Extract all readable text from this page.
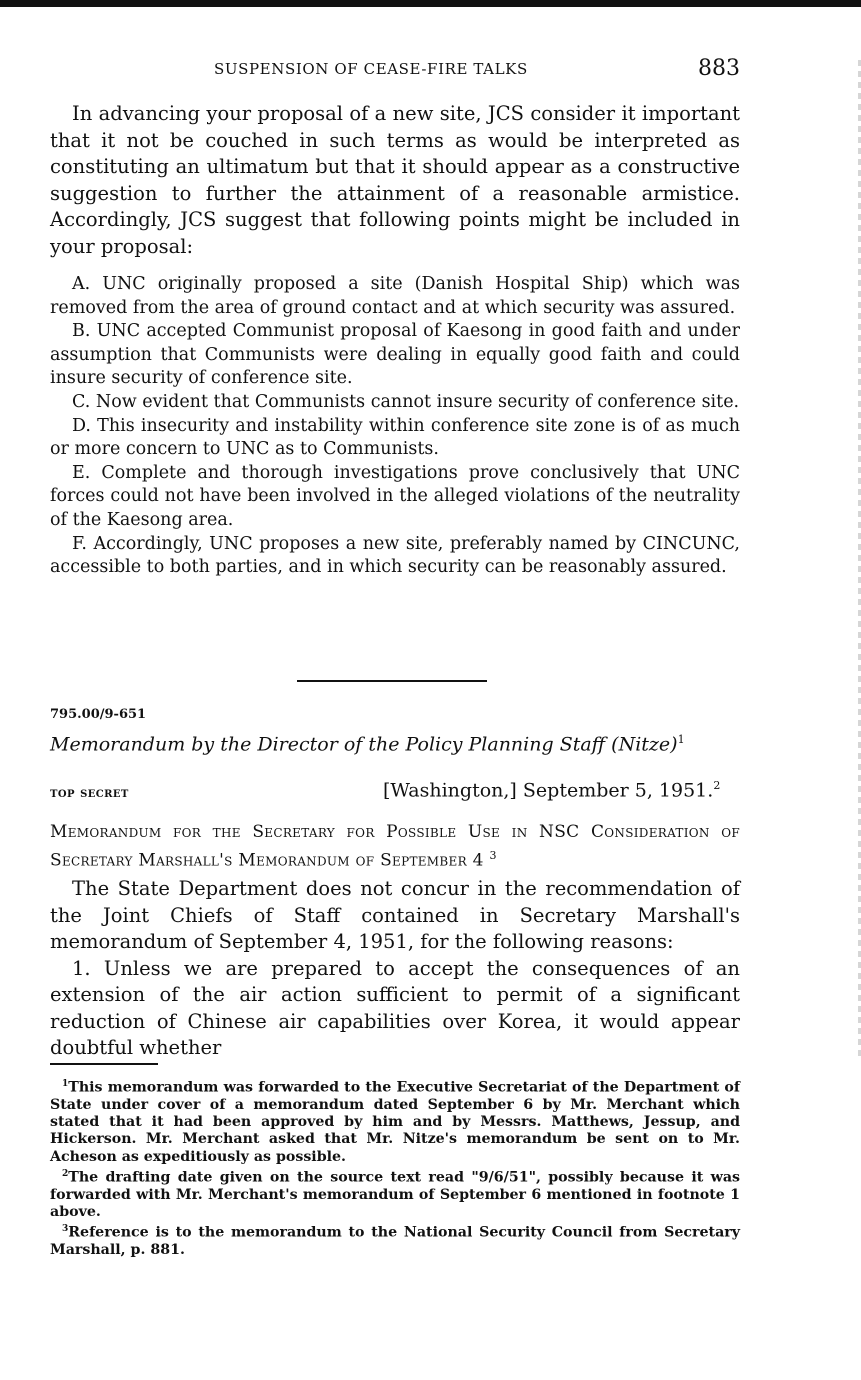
SUSPENSION OF CEASE-FIRE TALKS	883

In advancing your proposal of a new site, JCS consider it important that it not be couched in such terms as would be interpreted as constituting an ultimatum but that it should appear as a constructive suggestion to further the attainment of a reasonable armistice. Accordingly, JCS suggest that following points might be included in your proposal:

A. UNC originally proposed a site (Danish Hospital Ship) which was removed from the area of ground contact and at which security was assured.

B. UNC accepted Communist proposal of Kaesong in good faith and under assumption that Communists were dealing in equally good faith and could insure security of conference site.

C. Now evident that Communists cannot insure security of conference site.

D. This insecurity and instability within conference site zone is of as much or more concern to UNC as to Communists.

E. Complete and thorough investigations prove conclusively that UNC forces could not have been involved in the alleged violations of the neutrality of the Kaesong area.

F. Accordingly, UNC proposes a new site, preferably named by CINCUNC, accessible to both parties, and in which security can be reasonably assured.

795.00/9-651
Memorandum by the Director of the Policy Planning Staff (Nitze)$^1$
top secret	[Washington,] September 5, 1951.$^2$
Memorandum for the Secretary for Possible Use in NSC Consideration of Secretary Marshall's Memorandum of September 4 $^3$

The State Department does not concur in the recommendation of the Joint Chiefs of Staff contained in Secretary Marshall's memorandum of September 4, 1951, for the following reasons:

1. Unless we are prepared to accept the consequences of an extension of the air action sufficient to permit of a significant reduction of Chinese air capabilities over Korea, it would appear doubtful whether

$^1$This memorandum was forwarded to the Executive Secretariat of the Department of State under cover of a memorandum dated September 6 by Mr. Merchant which stated that it had been approved by him and by Messrs. Matthews, Jessup, and Hickerson. Mr. Merchant asked that Mr. Nitze's memorandum be sent on to Mr. Acheson as expeditiously as possible.

$^2$The drafting date given on the source text read "9/6/51", possibly because it was forwarded with Mr. Merchant's memorandum of September 6 mentioned in footnote 1 above.

$^3$Reference is to the memorandum to the National Security Council from Secretary Marshall, p. 881.
